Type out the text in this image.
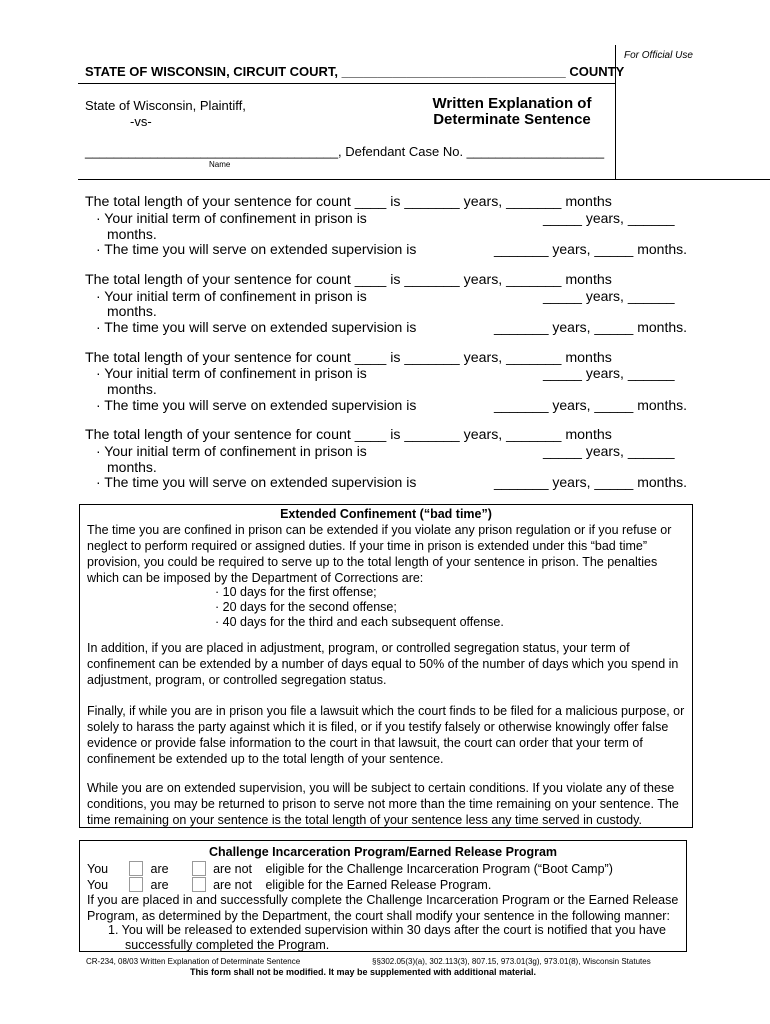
For Official Use
STATE OF WISCONSIN, CIRCUIT COURT, _______________________________ COUNTY
State of Wisconsin, Plaintiff,
-vs-
Written Explanation of
Determinate Sentence
___________________________________, Defendant Case No. ___________________
Name
The total length of your sentence for count ____ is _______ years, _______ months
· Your initial term of confinement in prison is	_____ years, ______
months.
· The time you will serve on extended supervision is	_______ years, _____ months.
The total length of your sentence for count ____ is _______ years, _______ months
· Your initial term of confinement in prison is	_____ years, ______
months.
· The time you will serve on extended supervision is	_______ years, _____ months.
The total length of your sentence for count ____ is _______ years, _______ months
· Your initial term of confinement in prison is	_____ years, ______
months.
· The time you will serve on extended supervision is	_______ years, _____ months.
The total length of your sentence for count ____ is _______ years, _______ months
· Your initial term of confinement in prison is	_____ years, ______
months.
· The time you will serve on extended supervision is	_______ years, _____ months.
Extended Confinement (“bad time”)
The time you are confined in prison can be extended if you violate any prison regulation or if you refuse or neglect to perform required or assigned duties. If your time in prison is extended under this “bad time” provision, you could be required to serve up to the total length of your sentence in prison. The penalties which can be imposed by the Department of Corrections are:
· 10 days for the first offense;
· 20 days for the second offense;
· 40 days for the third and each subsequent offense.
In addition, if you are placed in adjustment, program, or controlled segregation status, your term of confinement can be extended by a number of days equal to 50% of the number of days which you spend in adjustment, program, or controlled segregation status.
Finally, if while you are in prison you file a lawsuit which the court finds to be filed for a malicious purpose, or solely to harass the party against which it is filed, or if you testify falsely or otherwise knowingly offer false evidence or provide false information to the court in that lawsuit, the court can order that your term of confinement be extended up to the total length of your sentence.
While you are on extended supervision, you will be subject to certain conditions. If you violate any of these conditions, you may be returned to prison to serve not more than the time remaining on your sentence. The time remaining on your sentence is the total length of your sentence less any time served in custody.
Challenge Incarceration Program/Earned Release Program
You	are	are not eligible for the Challenge Incarceration Program (“Boot Camp”)
You	are	are not eligible for the Earned Release Program.
If you are placed in and successfully complete the Challenge Incarceration Program or the Earned Release Program, as determined by the Department, the court shall modify your sentence in the following manner:
1. You will be released to extended supervision within 30 days after the court is notified that you have
successfully completed the Program.
CR-234, 08/03 Written Explanation of Determinate Sentence	§§302.05(3)(a), 302.113(3), 807.15, 973.01(3g), 973.01(8), Wisconsin Statutes
This form shall not be modified. It may be supplemented with additional material.
